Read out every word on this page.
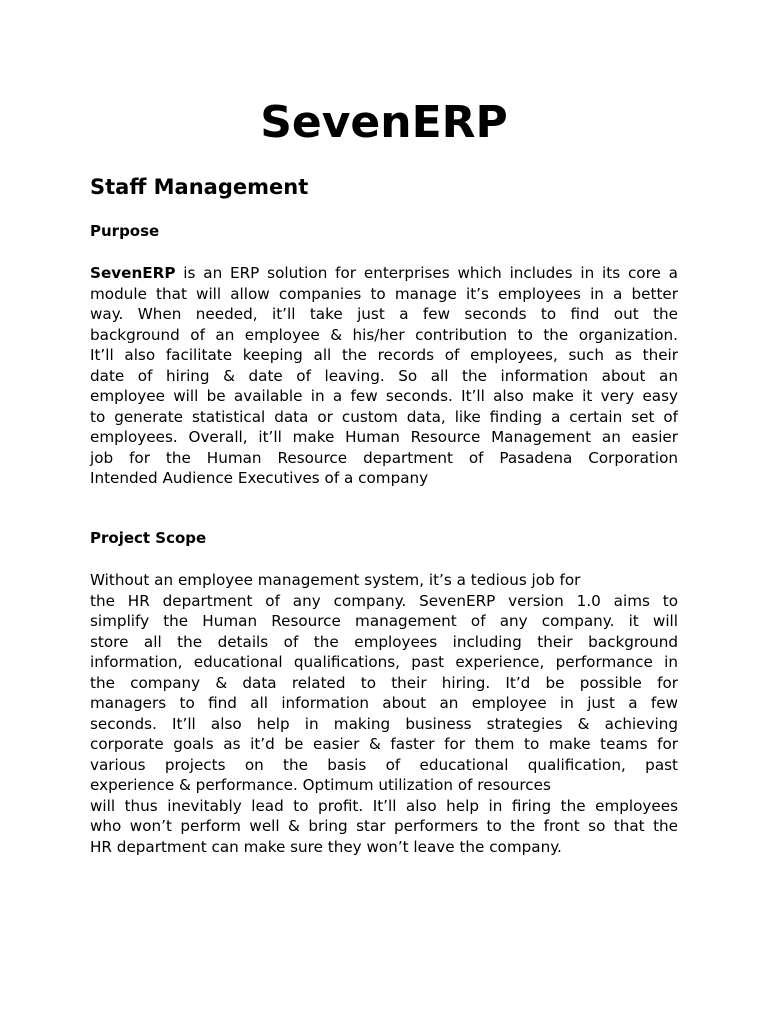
SevenERP
Staff Management
Purpose
SevenERP is an ERP solution for enterprises which includes in its core a
module that will allow companies to manage it’s employees in a better
way. When needed, it’ll take just a few seconds to find out the
background of an employee & his/her contribution to the organization.
It’ll also facilitate keeping all the records of employees, such as their
date of hiring & date of leaving. So all the information about an
employee will be available in a few seconds. It’ll also make it very easy
to generate statistical data or custom data, like finding a certain set of
employees. Overall, it’ll make Human Resource Management an easier
job for the Human Resource department of Pasadena Corporation
Intended Audience Executives of a company
Project Scope
Without an employee management system, it’s a tedious job for
the HR department of any company. SevenERP version 1.0 aims to
simplify the Human Resource management of any company. it will
store all the details of the employees including their background
information, educational qualifications, past experience, performance in
the company & data related to their hiring. It’d be possible for
managers to find all information about an employee in just a few
seconds. It’ll also help in making business strategies & achieving
corporate goals as it’d be easier & faster for them to make teams for
various projects on the basis of educational qualification, past
experience & performance. Optimum utilization of resources
will thus inevitably lead to profit. It’ll also help in firing the employees
who won’t perform well & bring star performers to the front so that the
HR department can make sure they won’t leave the company.
